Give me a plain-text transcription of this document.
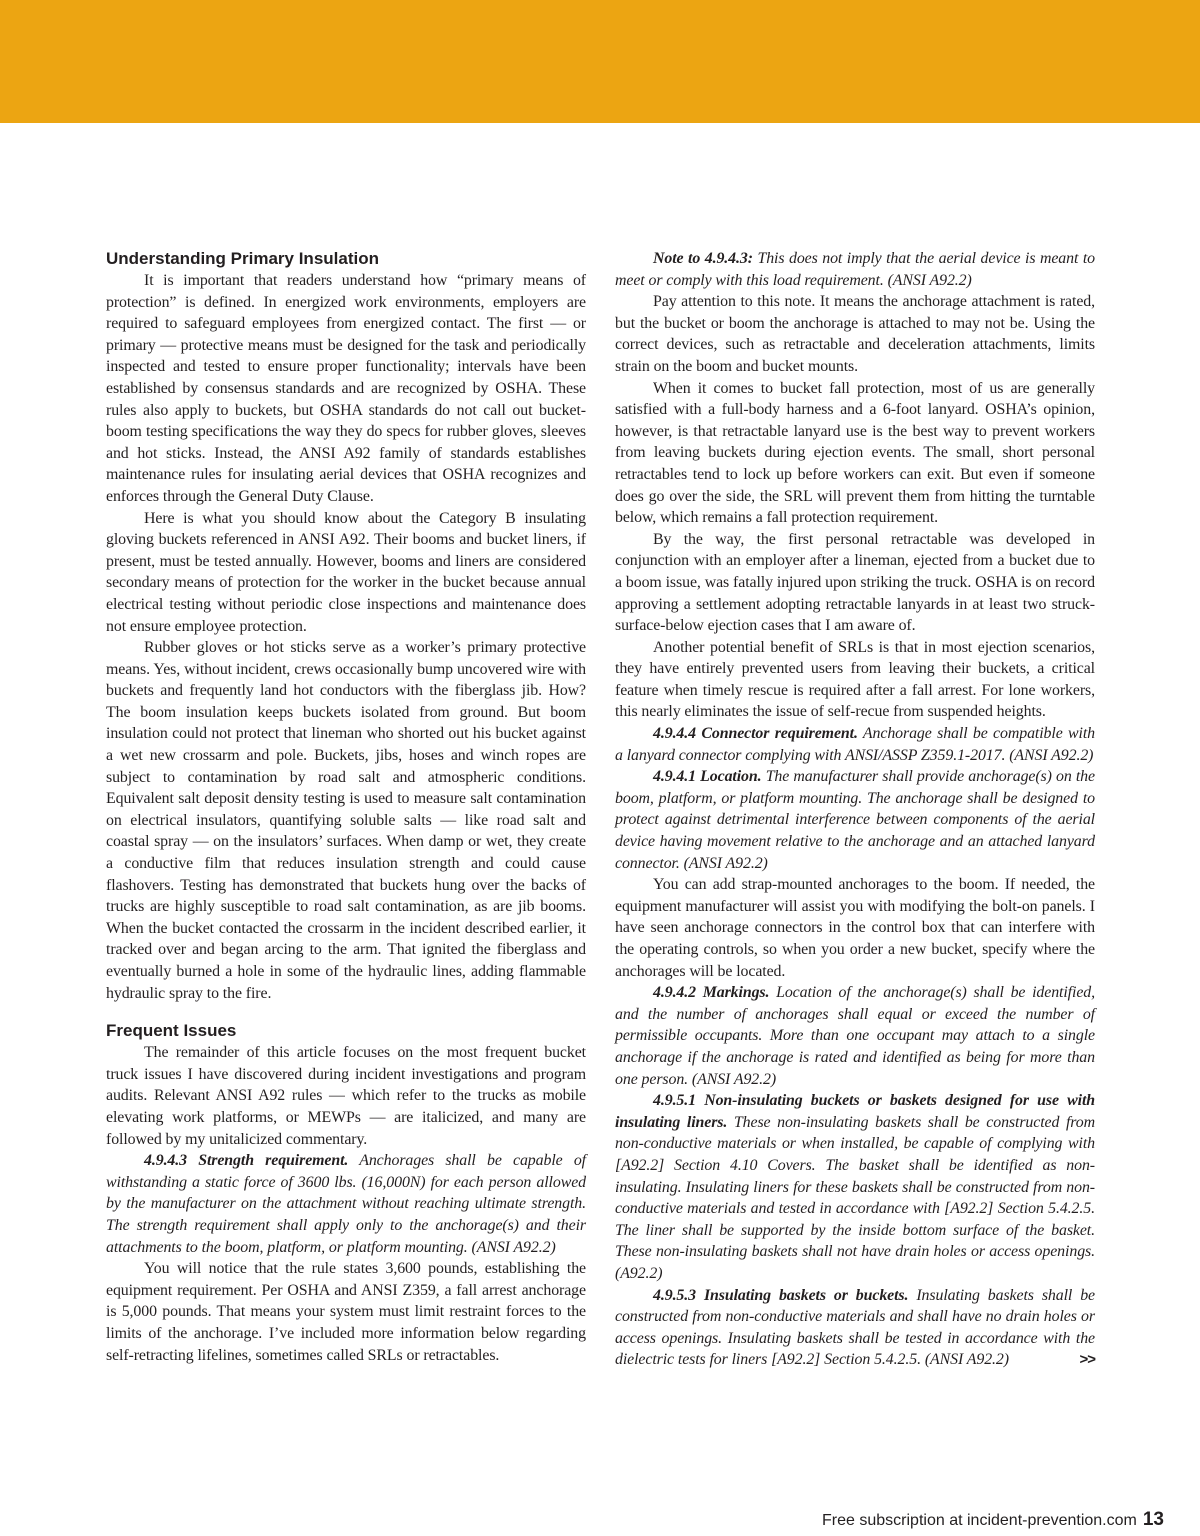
Understanding Primary Insulation

It is important that readers understand how “primary means of protection” is defined. In energized work environments, employers are required to safeguard employees from energized contact. The first — or primary — protective means must be designed for the task and periodically inspected and tested to ensure proper functionality; intervals have been established by consensus standards and are recognized by OSHA. These rules also apply to buckets, but OSHA standards do not call out bucket-boom testing specifications the way they do specs for rubber gloves, sleeves and hot sticks. Instead, the ANSI A92 family of standards establishes maintenance rules for insulating aerial devices that OSHA recognizes and enforces through the General Duty Clause.

Here is what you should know about the Category B insulating gloving buckets referenced in ANSI A92. Their booms and bucket liners, if present, must be tested annually. However, booms and liners are considered secondary means of protection for the worker in the bucket because annual electrical testing without periodic close inspections and maintenance does not ensure employee protection.

Rubber gloves or hot sticks serve as a worker’s primary protective means. Yes, without incident, crews occasionally bump uncovered wire with buckets and frequently land hot conductors with the fiberglass jib. How? The boom insulation keeps buckets isolated from ground. But boom insulation could not protect that lineman who shorted out his bucket against a wet new crossarm and pole. Buckets, jibs, hoses and winch ropes are subject to contamination by road salt and atmospheric conditions. Equivalent salt deposit density testing is used to measure salt contamination on electrical insulators, quantifying soluble salts — like road salt and coastal spray — on the insulators’ surfaces. When damp or wet, they create a conductive film that reduces insulation strength and could cause flashovers. Testing has demonstrated that buckets hung over the backs of trucks are highly susceptible to road salt contamination, as are jib booms. When the bucket contacted the crossarm in the incident described earlier, it tracked over and began arcing to the arm. That ignited the fiberglass and eventually burned a hole in some of the hydraulic lines, adding flammable hydraulic spray to the fire.

Frequent Issues

The remainder of this article focuses on the most frequent bucket truck issues I have discovered during incident investigations and program audits. Relevant ANSI A92 rules — which refer to the trucks as mobile elevating work platforms, or MEWPs — are italicized, and many are followed by my unitalicized commentary.

4.9.4.3 Strength requirement. Anchorages shall be capable of withstanding a static force of 3600 lbs. (16,000N) for each person allowed by the manufacturer on the attachment without reaching ultimate strength. The strength requirement shall apply only to the anchorage(s) and their attachments to the boom, platform, or platform mounting. (ANSI A92.2)

You will notice that the rule states 3,600 pounds, establishing the equipment requirement. Per OSHA and ANSI Z359, a fall arrest anchorage is 5,000 pounds. That means your system must limit restraint forces to the limits of the anchorage. I’ve included more information below regarding self-retracting lifelines, sometimes called SRLs or retractables.

Note to 4.9.4.3: This does not imply that the aerial device is meant to meet or comply with this load requirement. (ANSI A92.2)

Pay attention to this note. It means the anchorage attachment is rated, but the bucket or boom the anchorage is attached to may not be. Using the correct devices, such as retractable and deceleration attachments, limits strain on the boom and bucket mounts.

When it comes to bucket fall protection, most of us are generally satisfied with a full-body harness and a 6-foot lanyard. OSHA’s opinion, however, is that retractable lanyard use is the best way to prevent workers from leaving buckets during ejection events. The small, short personal retractables tend to lock up before workers can exit. But even if someone does go over the side, the SRL will prevent them from hitting the turntable below, which remains a fall protection requirement.

By the way, the first personal retractable was developed in conjunction with an employer after a lineman, ejected from a bucket due to a boom issue, was fatally injured upon striking the truck. OSHA is on record approving a settlement adopting retractable lanyards in at least two struck-surface-below ejection cases that I am aware of.

Another potential benefit of SRLs is that in most ejection scenarios, they have entirely prevented users from leaving their buckets, a critical feature when timely rescue is required after a fall arrest. For lone workers, this nearly eliminates the issue of self-recue from suspended heights.

4.9.4.4 Connector requirement. Anchorage shall be compatible with a lanyard connector complying with ANSI/ASSP Z359.1-2017. (ANSI A92.2)

4.9.4.1 Location. The manufacturer shall provide anchorage(s) on the boom, platform, or platform mounting. The anchorage shall be designed to protect against detrimental interference between components of the aerial device having movement relative to the anchorage and an attached lanyard connector. (ANSI A92.2)

You can add strap-mounted anchorages to the boom. If needed, the equipment manufacturer will assist you with modifying the bolt-on panels. I have seen anchorage connectors in the control box that can interfere with the operating controls, so when you order a new bucket, specify where the anchorages will be located.

4.9.4.2 Markings. Location of the anchorage(s) shall be identified, and the number of anchorages shall equal or exceed the number of permissible occupants. More than one occupant may attach to a single anchorage if the anchorage is rated and identified as being for more than one person. (ANSI A92.2)

4.9.5.1 Non-insulating buckets or baskets designed for use with insulating liners. These non-insulating baskets shall be constructed from non-conductive materials or when installed, be capable of complying with [A92.2] Section 4.10 Covers. The basket shall be identified as non-insulating. Insulating liners for these baskets shall be constructed from non-conductive materials and tested in accordance with [A92.2] Section 5.4.2.5. The liner shall be supported by the inside bottom surface of the basket. These non-insulating baskets shall not have drain holes or access openings. (A92.2)

4.9.5.3 Insulating baskets or buckets. Insulating baskets shall be constructed from non-conductive materials and shall have no drain holes or access openings. Insulating baskets shall be tested in accordance with the dielectric tests for liners [A92.2] Section 5.4.2.5. (ANSI A92.2)	>>

Free subscription at incident-prevention.com 13
